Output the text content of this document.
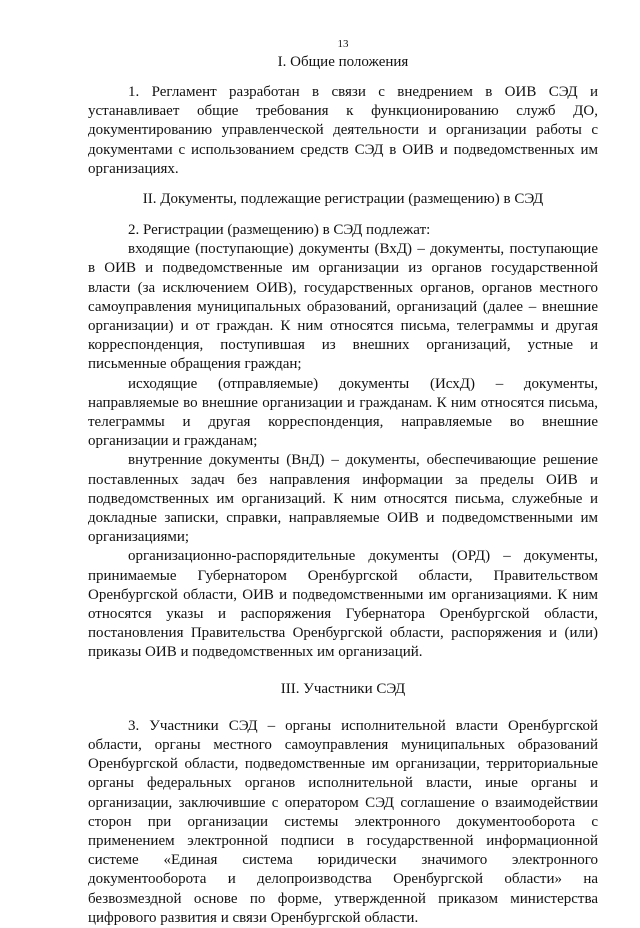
13
I. Общие положения

1. Регламент разработан в связи с внедрением в ОИВ СЭД и устанавливает общие требования к функционированию служб ДО, документированию управленческой деятельности и организации работы с документами с использованием средств СЭД в ОИВ и подведомственных им организациях.

II. Документы, подлежащие регистрации (размещению) в СЭД

2. Регистрации (размещению) в СЭД подлежат:

входящие (поступающие) документы (ВхД) – документы, поступающие в ОИВ и подведомственные им организации из органов государственной власти (за исключением ОИВ), государственных органов, органов местного самоуправления муниципальных образований, организаций (далее – внешние организации) и от граждан. К ним относятся письма, телеграммы и другая корреспонденция, поступившая из внешних организаций, устные и письменные обращения граждан;

исходящие (отправляемые) документы (ИсхД) – документы, направляемые во внешние организации и гражданам. К ним относятся письма, телеграммы и другая корреспонденция, направляемые во внешние организации и гражданам;

внутренние документы (ВнД) – документы, обеспечивающие решение поставленных задач без направления информации за пределы ОИВ и подведомственных им организаций. К ним относятся письма, служебные и докладные записки, справки, направляемые ОИВ и подведомственными им организациями;

организационно-распорядительные документы (ОРД) – документы, принимаемые Губернатором Оренбургской области, Правительством Оренбургской области, ОИВ и подведомственными им организациями. К ним относятся указы и распоряжения Губернатора Оренбургской области, постановления Правительства Оренбургской области, распоряжения и (или) приказы ОИВ и подведомственных им организаций.

III. Участники СЭД

3. Участники СЭД – органы исполнительной власти Оренбургской области, органы местного самоуправления муниципальных образований Оренбургской области, подведомственные им организации, территориальные органы федеральных органов исполнительной власти, иные органы и организации, заключившие с оператором СЭД соглашение о взаимодействии сторон при организации системы электронного документооборота с применением электронной подписи в государственной информационной системе «Единая система юридически значимого электронного документооборота и делопроизводства Оренбургской области» на безвозмездной основе по форме, утвержденной приказом министерства цифрового развития и связи Оренбургской области.
